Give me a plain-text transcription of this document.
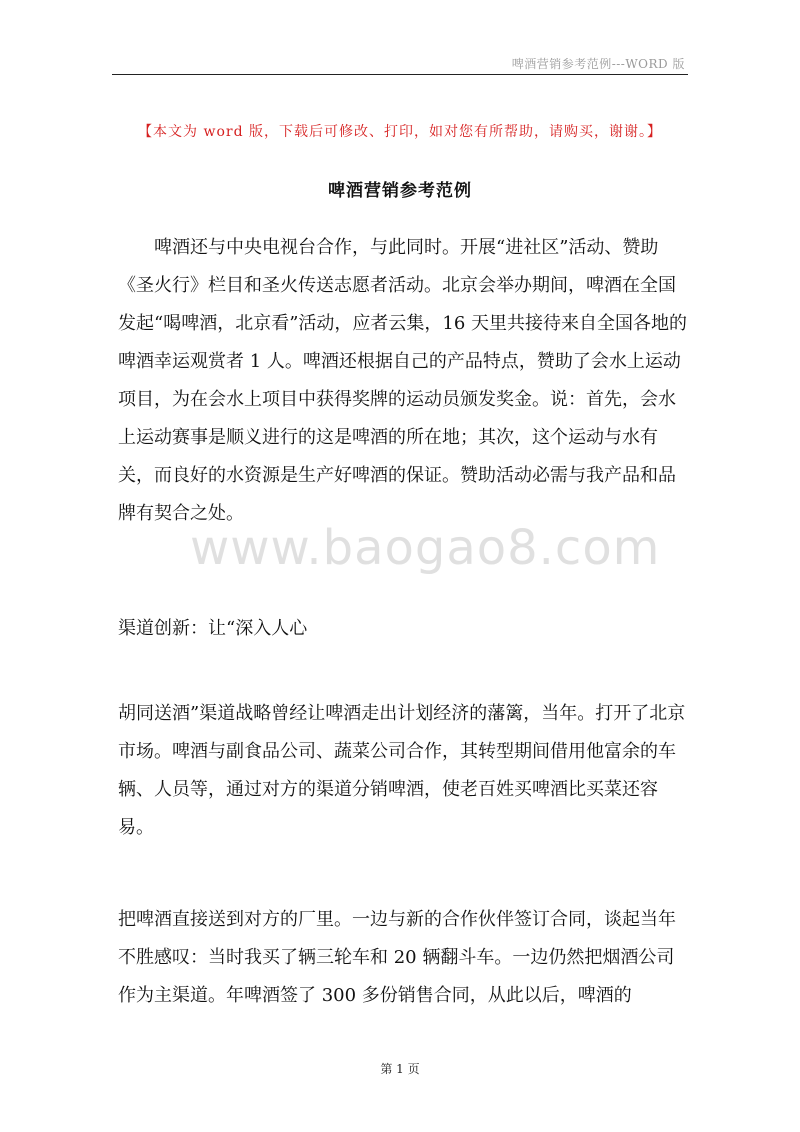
啤酒营销参考范例---WORD 版
【本文为 word 版，下载后可修改、打印，如对您有所帮助，请购买，谢谢。】
啤酒营销参考范例

啤酒还与中央电视台合作，与此同时。开展“进社区”活动、赞助《圣火行》栏目和圣火传送志愿者活动。北京会举办期间，啤酒在全国发起“喝啤酒，北京看”活动，应者云集，16 天里共接待来自全国各地的啤酒幸运观赏者 1 人。啤酒还根据自己的产品特点，赞助了会水上运动项目，为在会水上项目中获得奖牌的运动员颁发奖金。说：首先，会水上运动赛事是顺义进行的这是啤酒的所在地；其次，这个运动与水有关，而良好的水资源是生产好啤酒的保证。赞助活动必需与我产品和品牌有契合之处。

渠道创新：让“深入人心

胡同送酒”渠道战略曾经让啤酒走出计划经济的藩篱，当年。打开了北京市场。啤酒与副食品公司、蔬菜公司合作，其转型期间借用他富余的车辆、人员等，通过对方的渠道分销啤酒，使老百姓买啤酒比买菜还容易。

把啤酒直接送到对方的厂里。一边与新的合作伙伴签订合同，谈起当年不胜感叹：当时我买了辆三轮车和 20 辆翻斗车。一边仍然把烟酒公司作为主渠道。年啤酒签了 300 多份销售合同，从此以后，啤酒的

www.baogao8.com
第 1 页
